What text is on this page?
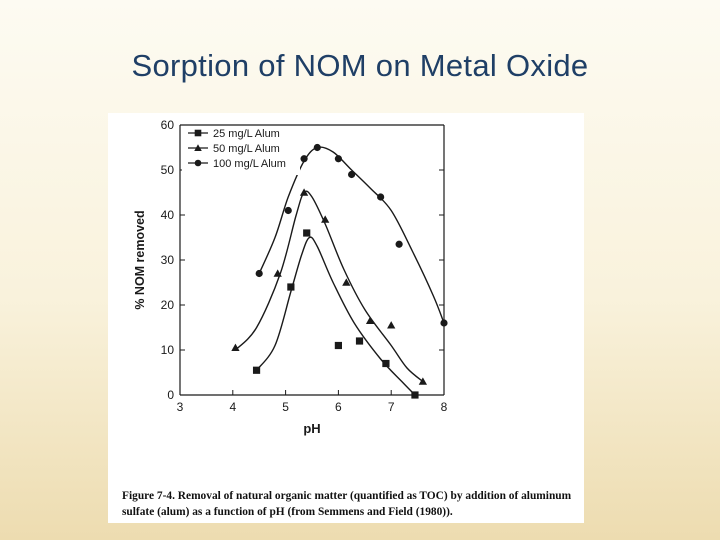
Sorption of NOM on Metal Oxide
0
10
20
30
40
50
60
3	4	5	6	7	8
pH
% NOM removed
25 mg/L Alum
50 mg/L Alum
100 mg/L Alum
Figure 7-4. Removal of natural organic matter (quantified as TOC) by addition of aluminum sulfate (alum) as a function of pH (from Semmens and Field (1980)).
